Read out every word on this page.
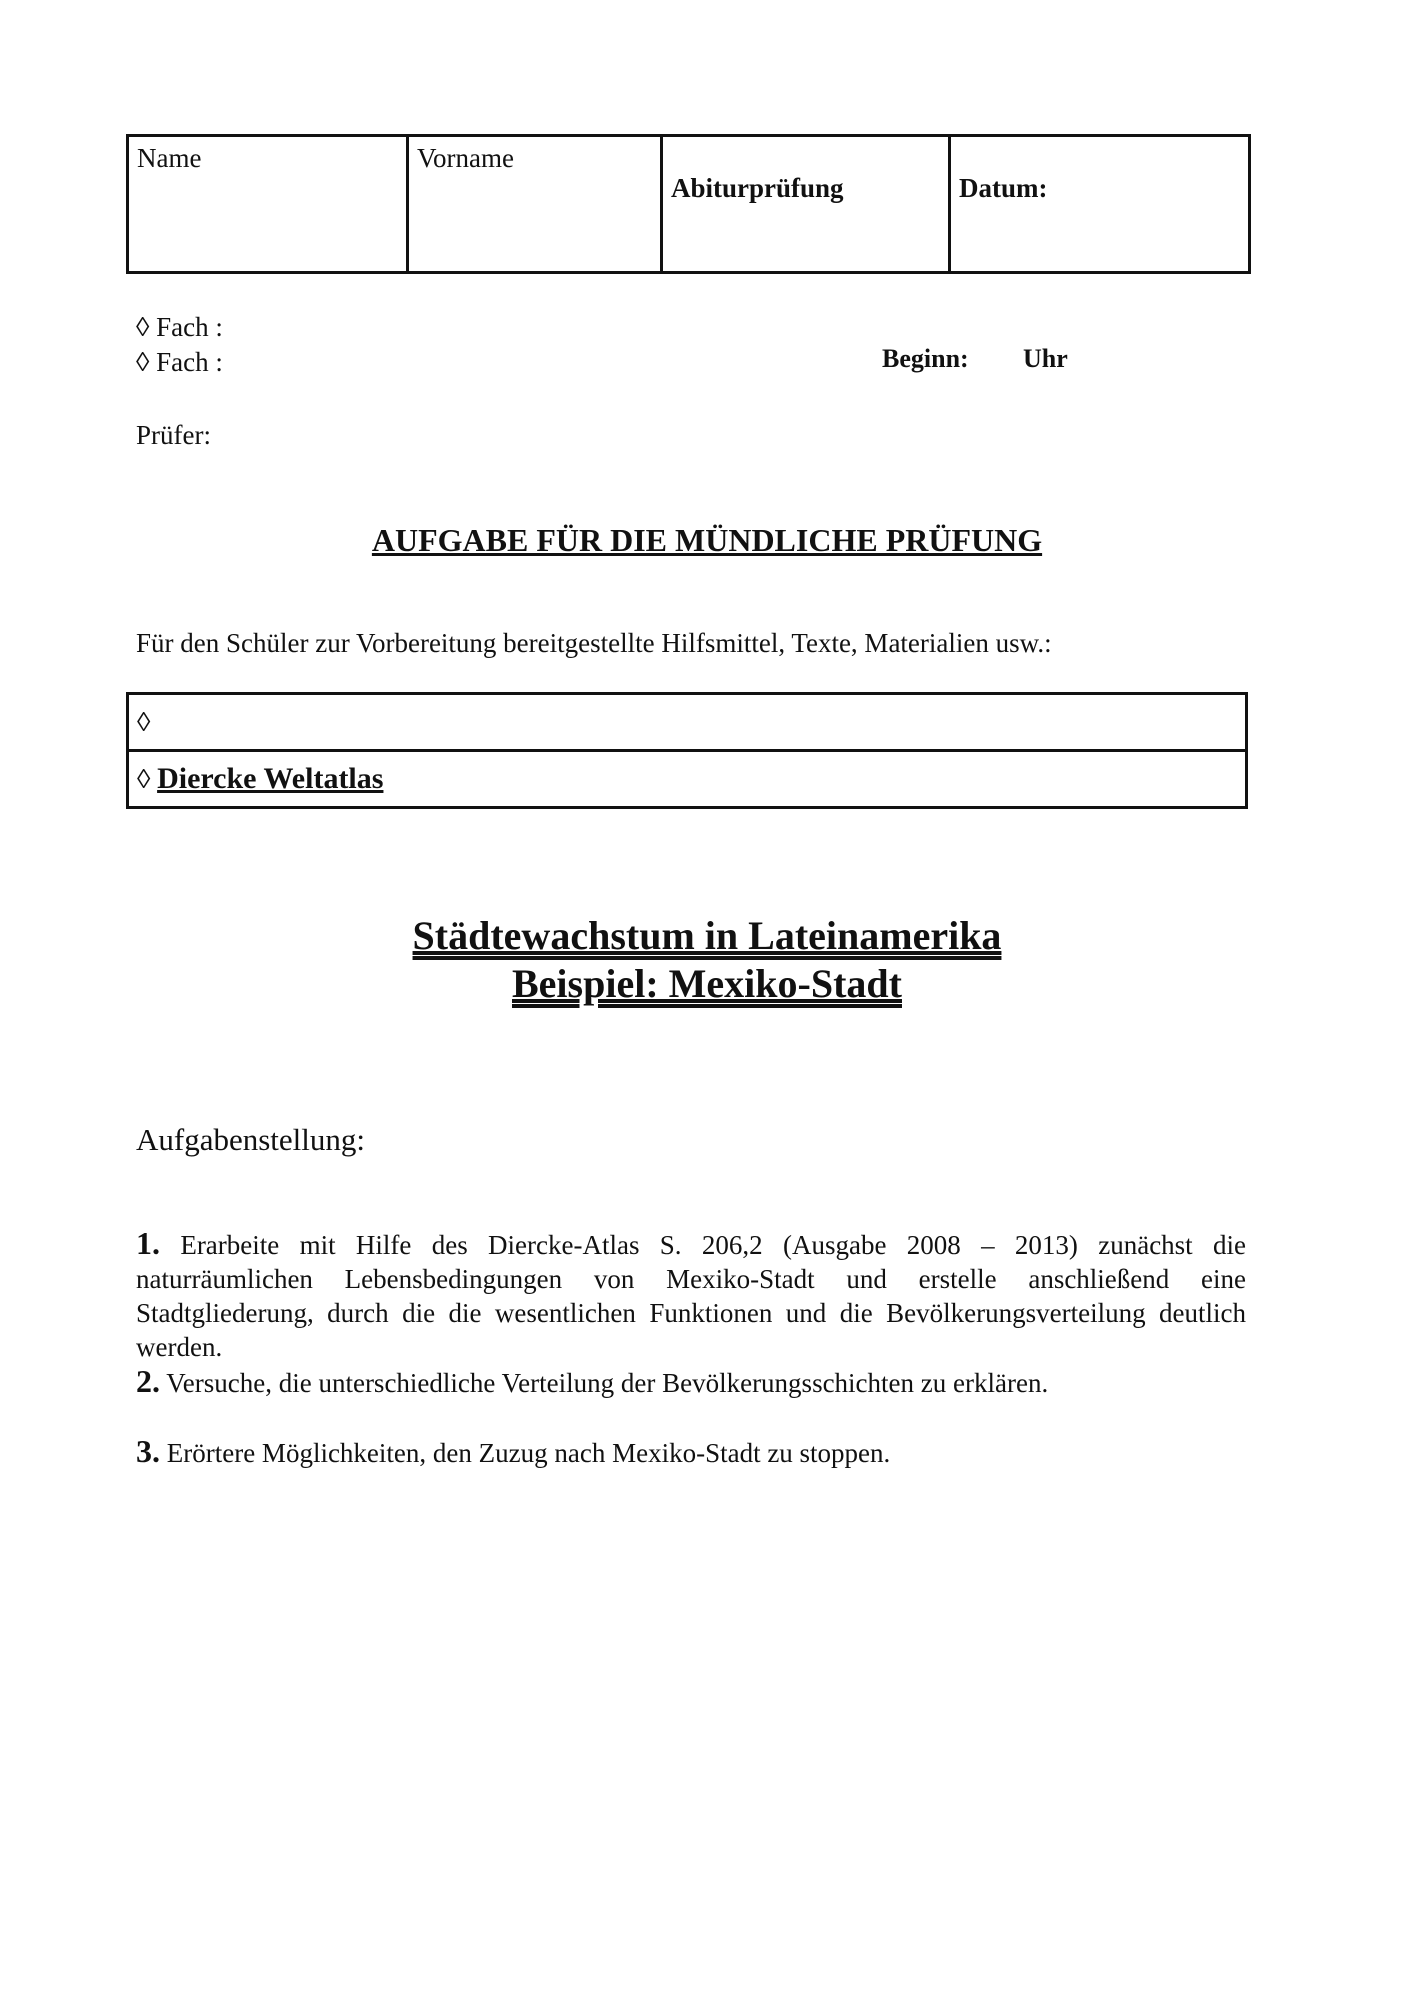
Name	Vorname	Abiturprüfung	Datum:
◊ Fach :
◊ Fach :	Beginn: Uhr
Prüfer:
AUFGABE FÜR DIE MÜNDLICHE PRÜFUNG
Für den Schüler zur Vorbereitung bereitgestellte Hilfsmittel, Texte, Materialien usw.:
◊
◊ Diercke Weltatlas
Städtewachstum in Lateinamerika
Beispiel: Mexiko-Stadt
Aufgabenstellung:
1. Erarbeite mit Hilfe des Diercke-Atlas S. 206,2 (Ausgabe 2008 – 2013) zunächst die naturräumlichen Lebensbedingungen von Mexiko-Stadt und erstelle anschließend eine Stadtgliederung, durch die die wesentlichen Funktionen und die Bevölkerungsverteilung deutlich werden.
2. Versuche, die unterschiedliche Verteilung der Bevölkerungsschichten zu erklären.
3. Erörtere Möglichkeiten, den Zuzug nach Mexiko-Stadt zu stoppen.
